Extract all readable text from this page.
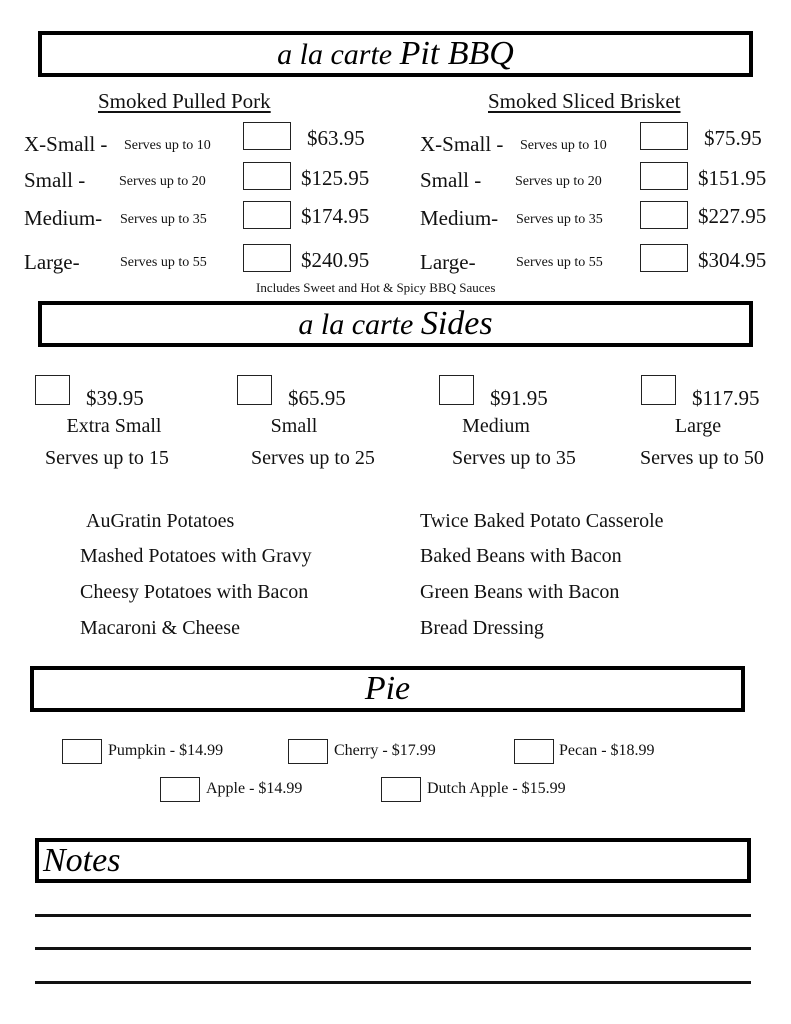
a la carte Pit BBQ
Smoked Pulled Pork	Smoked Sliced Brisket
X-Small - Serves up to 10	$63.95
Small - Serves up to 20	$125.95
Medium- Serves up to 35	$174.95
Large-	Serves up to 55	$240.95
X-Small - Serves up to 10	$75.95
Small - Serves up to 20	$151.95
Medium- Serves up to 35	$227.95
Large-	Serves up to 55	$304.95
Includes Sweet and Hot & Spicy BBQ Sauces
a la carte Sides
$39.95
Extra Small
Serves up to 15
$65.95
Small
Serves up to 25
$91.95
Medium
Serves up to 35
$117.95
Large
Serves up to 50
AuGratin Potatoes
Mashed Potatoes with Gravy
Cheesy Potatoes with Bacon
Macaroni & Cheese
Twice Baked Potato Casserole
Baked Beans with Bacon
Green Beans with Bacon
Bread Dressing
Pie
Pumpkin - $14.99	Cherry - $17.99	Pecan - $18.99
Apple - $14.99	Dutch Apple - $15.99
Notes
